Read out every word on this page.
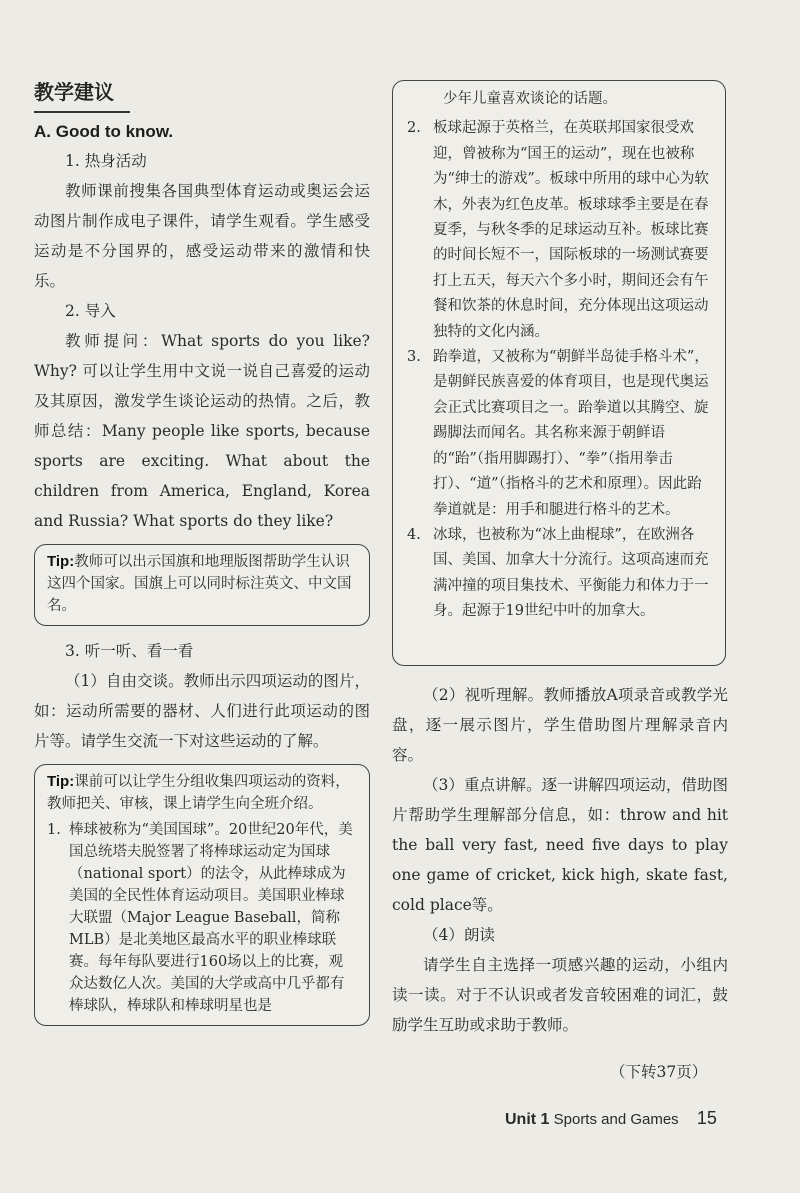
教学建议
A. Good to know.

1. 热身活动

教师课前搜集各国典型体育运动或奥运会运动图片制作成电子课件，请学生观看。学生感受运动是不分国界的，感受运动带来的激情和快乐。

2. 导入

教师提问：What sports do you like? Why? 可以让学生用中文说一说自己喜爱的运动及其原因，激发学生谈论运动的热情。之后，教师总结：Many people like sports, because sports are exciting. What about the children from America, England, Korea and Russia? What sports do they like?

Tip:教师可以出示国旗和地理版图帮助学生认识这四个国家。国旗上可以同时标注英文、中文国名。

3. 听一听、看一看

（1）自由交谈。教师出示四项运动的图片，如：运动所需要的器材、人们进行此项运动的图片等。请学生交流一下对这些运动的了解。

Tip:课前可以让学生分组收集四项运动的资料，教师把关、审核，课上请学生向全班介绍。

1. 棒球被称为“美国国球”。20世纪20年代，美国总统塔夫脱签署了将棒球运动定为国球（national sport）的法令，从此棒球成为美国的全民性体育运动项目。美国职业棒球大联盟（Major League Baseball，简称MLB）是北美地区最高水平的职业棒球联赛。每年每队要进行160场以上的比赛，观众达数亿人次。美国的大学或高中几乎都有棒球队，棒球队和棒球明星也是

少年儿童喜欢谈论的话题。

2. 板球起源于英格兰，在英联邦国家很受欢迎，曾被称为“国王的运动”，现在也被称为“绅士的游戏”。板球中所用的球中心为软木，外表为红色皮革。板球球季主要是在春夏季，与秋冬季的足球运动互补。板球比赛的时间长短不一，国际板球的一场测试赛要打上五天，每天六个多小时，期间还会有午餐和饮茶的休息时间，充分体现出这项运动独特的文化内涵。
3. 跆拳道，又被称为“朝鲜半岛徒手格斗术”，是朝鲜民族喜爱的体育项目，也是现代奥运会正式比赛项目之一。跆拳道以其腾空、旋踢脚法而闻名。其名称来源于朝鲜语的“跆”（指用脚踢打）、“拳”（指用拳击打）、“道”（指格斗的艺术和原理）。因此跆拳道就是：用手和腿进行格斗的艺术。
4. 冰球，也被称为“冰上曲棍球”，在欧洲各国、美国、加拿大十分流行。这项高速而充满冲撞的项目集技术、平衡能力和体力于一身。起源于19世纪中叶的加拿大。

（2）视听理解。教师播放A项录音或教学光盘，逐一展示图片，学生借助图片理解录音内容。

（3）重点讲解。逐一讲解四项运动，借助图片帮助学生理解部分信息，如：throw and hit the ball very fast, need five days to play one game of cricket, kick high, skate fast, cold place等。

（4）朗读

请学生自主选择一项感兴趣的运动，小组内读一读。对于不认识或者发音较困难的词汇，鼓励学生互助或求助于教师。

（下转37页）
Unit 1 Sports and Games 15
